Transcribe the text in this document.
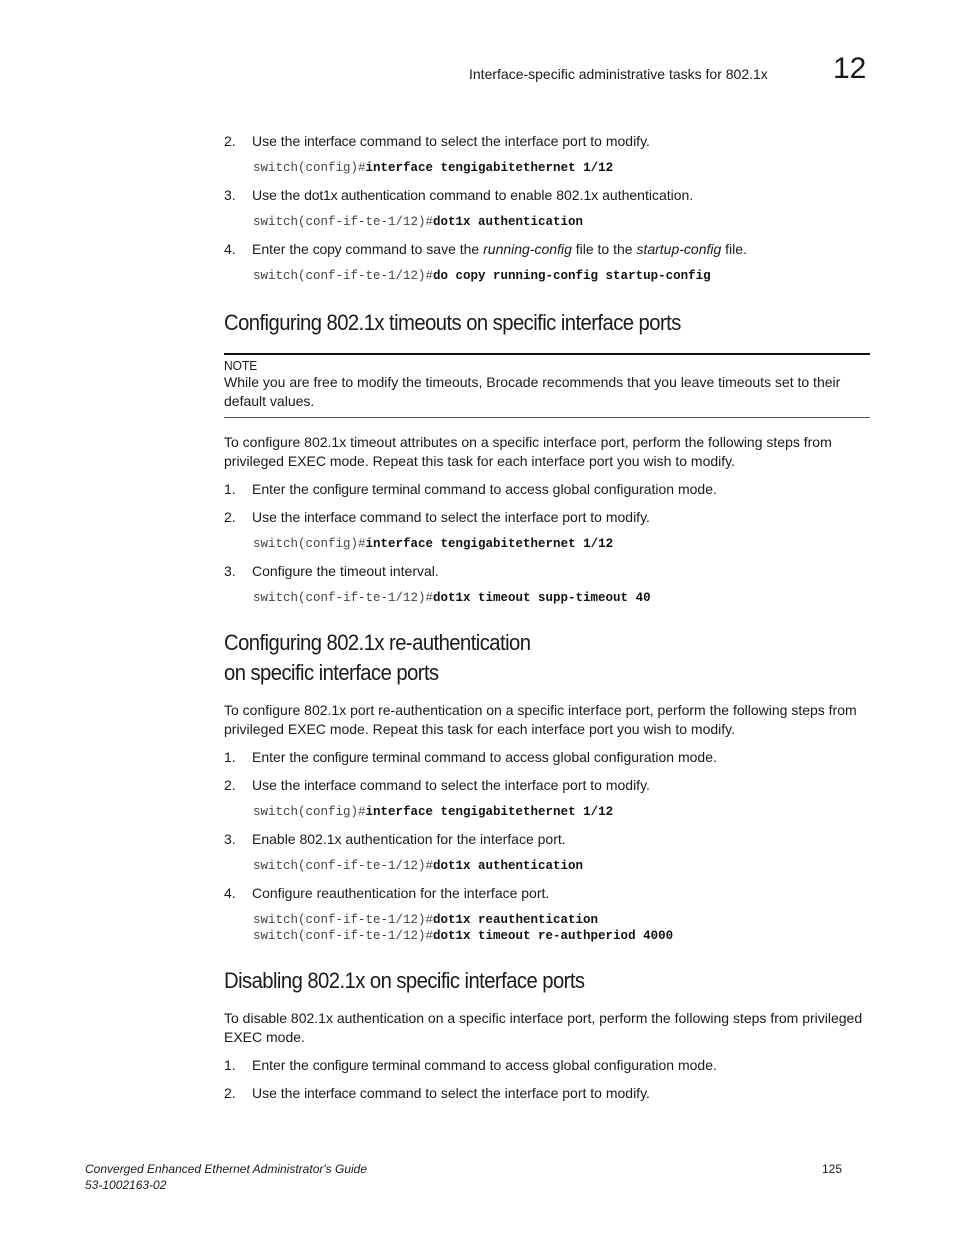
Interface-specific administrative tasks for 802.1x 12
2. Use the interface command to select the interface port to modify.
switch(config)#interface tengigabitethernet 1/12
3. Use the dot1x authentication command to enable 802.1x authentication.
switch(conf-if-te-1/12)#dot1x authentication
4. Enter the copy command to save the running-config file to the startup-config file.
switch(conf-if-te-1/12)#do copy running-config startup-config
Configuring 802.1x timeouts on specific interface ports
NOTE
While you are free to modify the timeouts, Brocade recommends that you leave timeouts set to their default values.

To configure 802.1x timeout attributes on a specific interface port, perform the following steps from privileged EXEC mode. Repeat this task for each interface port you wish to modify.

1. Enter the configure terminal command to access global configuration mode.
2. Use the interface command to select the interface port to modify.
switch(config)#interface tengigabitethernet 1/12
3. Configure the timeout interval.
switch(conf-if-te-1/12)#dot1x timeout supp-timeout 40
Configuring 802.1x re-authentication
on specific interface ports

To configure 802.1x port re-authentication on a specific interface port, perform the following steps from privileged EXEC mode. Repeat this task for each interface port you wish to modify.

1. Enter the configure terminal command to access global configuration mode.
2. Use the interface command to select the interface port to modify.
switch(config)#interface tengigabitethernet 1/12
3. Enable 802.1x authentication for the interface port.
switch(conf-if-te-1/12)#dot1x authentication
4. Configure reauthentication for the interface port.
switch(conf-if-te-1/12)#dot1x reauthentication
switch(conf-if-te-1/12)#dot1x timeout re-authperiod 4000
Disabling 802.1x on specific interface ports

To disable 802.1x authentication on a specific interface port, perform the following steps from privileged EXEC mode.

1. Enter the configure terminal command to access global configuration mode.
2. Use the interface command to select the interface port to modify.
Converged Enhanced Ethernet Administrator's Guide
53-1002163-02
125
